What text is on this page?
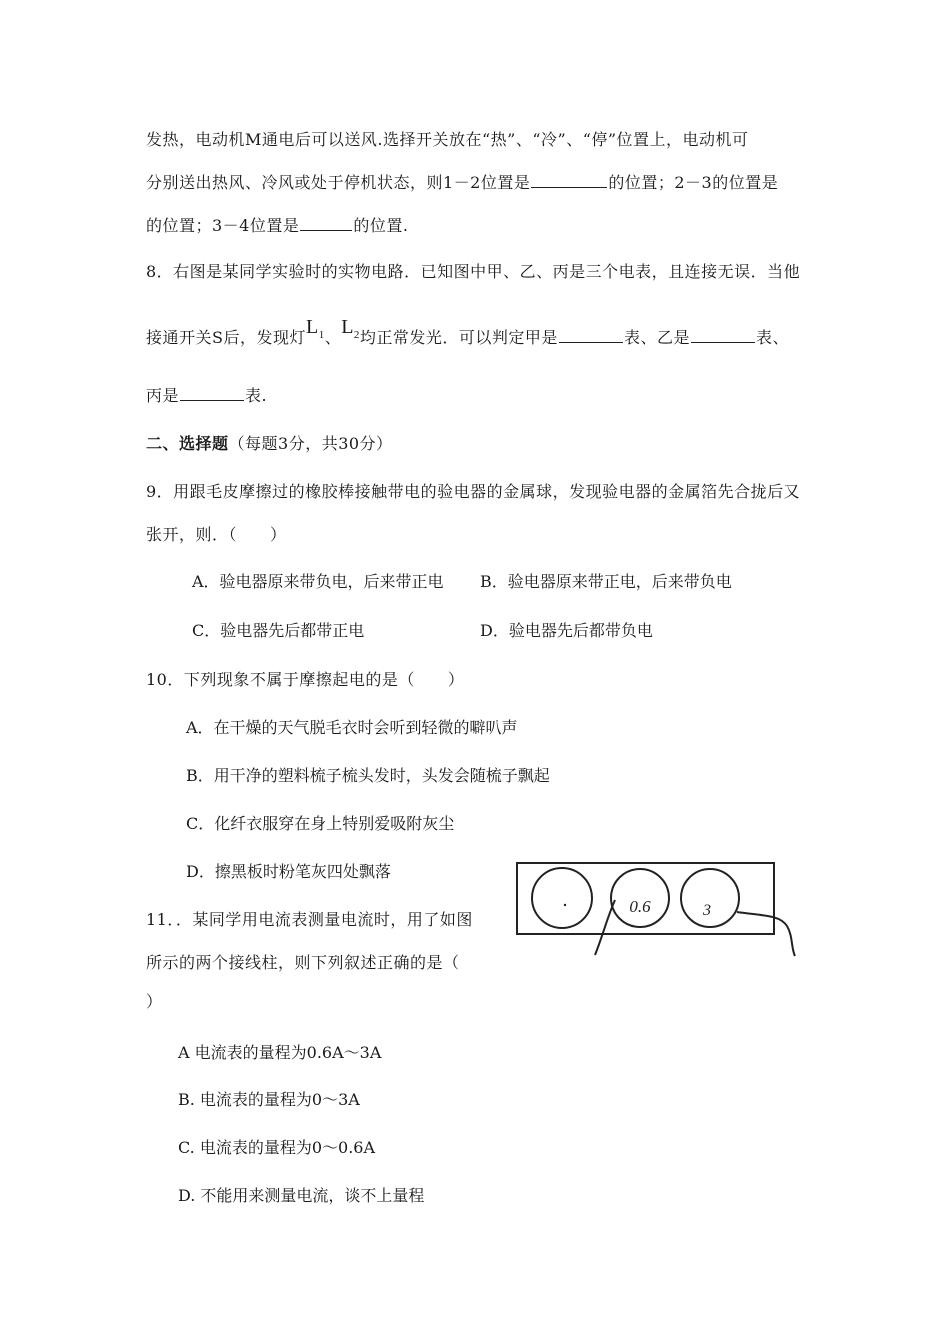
发热，电动机M通电后可以送风.选择开关放在“热”、“冷”、“停”位置上，电动机可
分别送出热风、冷风或处于停机状态，则1－2位置是	的位置；2－3的位置是
的位置；3－4位置是	的位置.
8．右图是某同学实验时的实物电路．已知图中甲、乙、丙是三个电表，且连接无误．当他
接通开关S后，发现灯$L_1$、$L_2$均正常发光．可以判定甲是	表、乙是	表、
丙是	表.
二、选择题（每题3分，共30分）
9．用跟毛皮摩擦过的橡胶棒接触带电的验电器的金属球，发现验电器的金属箔先合拢后又
张开，则．（　　）
A．验电器原来带负电，后来带正电 B．验电器原来带正电，后来带负电
C．验电器先后都带正电	D．验电器先后都带负电
10．下列现象不属于摩擦起电的是（　　）
A．在干燥的天气脱毛衣时会听到轻微的噼叭声
B．用干净的塑料梳子梳头发时，头发会随梳子飘起
C．化纤衣服穿在身上特别爱吸附灰尘
D．擦黑板时粉笔灰四处飘落
11．．某同学用电流表测量电流时，用了如图
所示的两个接线柱，则下列叙述正确的是（
）
0.6	3
A 电流表的量程为0.6A～3A
B. 电流表的量程为0～3A
C. 电流表的量程为0～0.6A
D. 不能用来测量电流，谈不上量程
